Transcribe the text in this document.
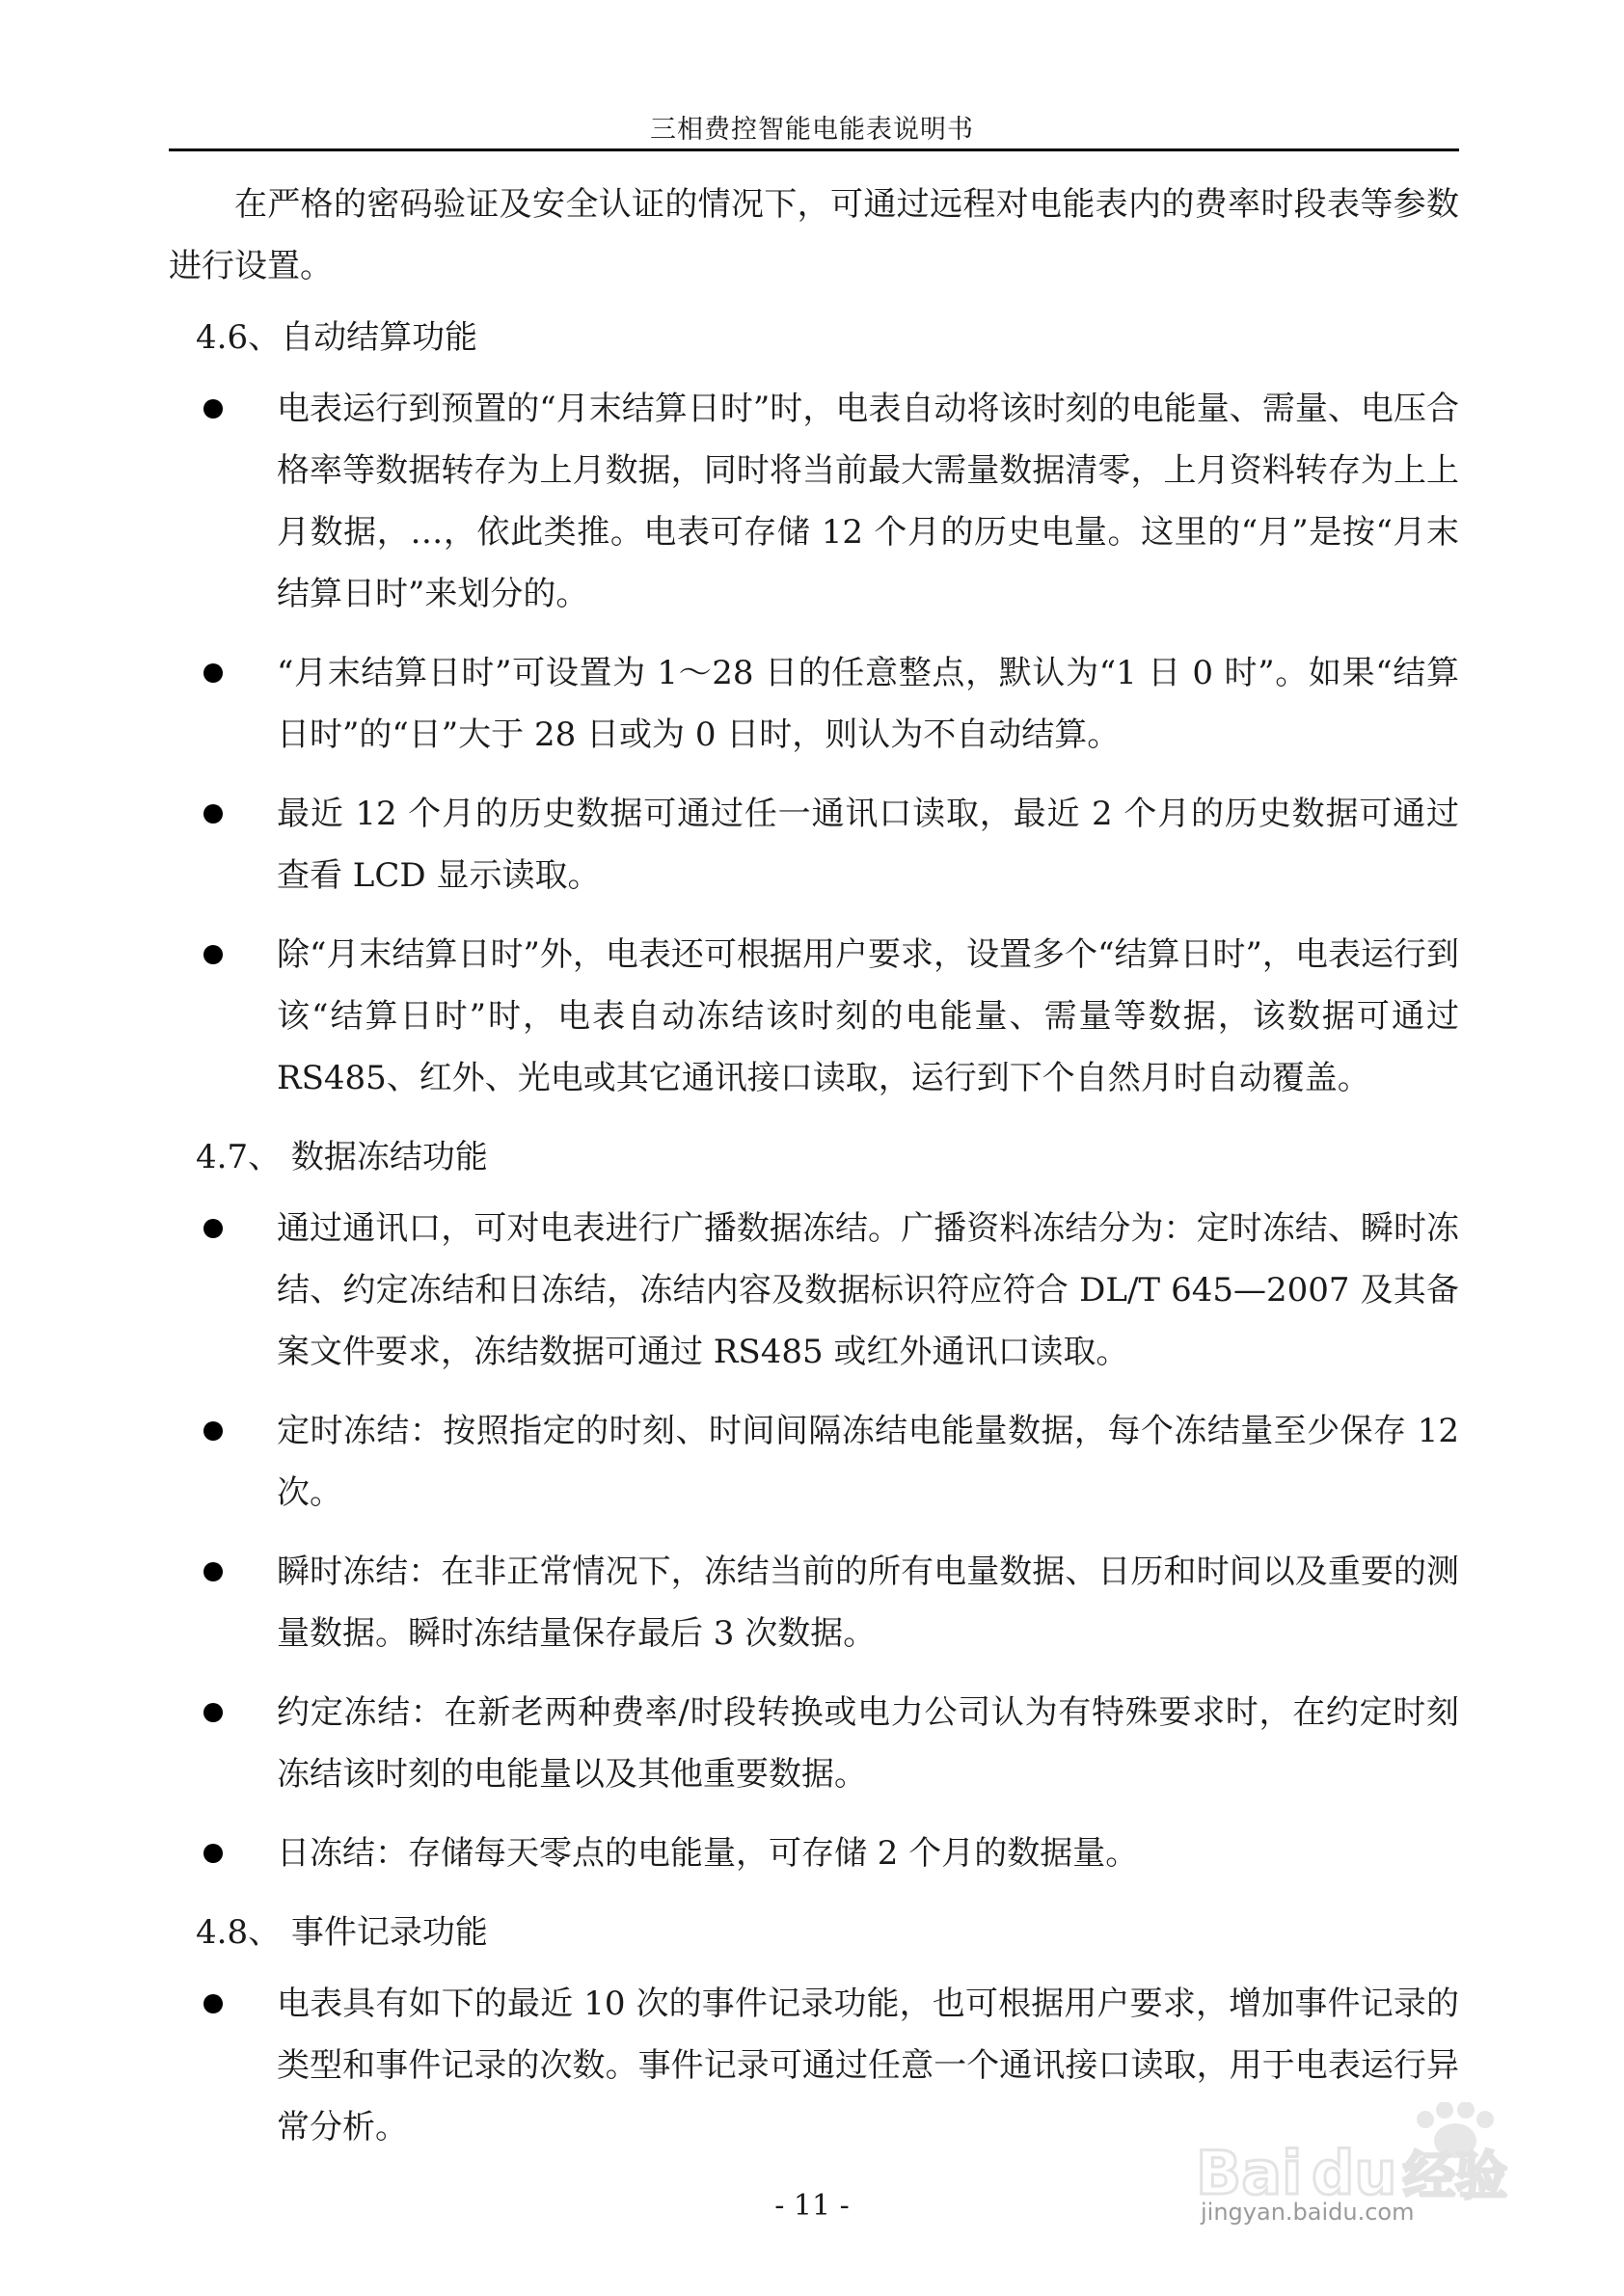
三相费控智能电能表说明书

在严格的密码验证及安全认证的情况下，可通过远程对电能表内的费率时段表等参数进行设置。

4.6、自动结算功能
电表运行到预置的“月末结算日时”时，电表自动将该时刻的电能量、需量、电压合格率等数据转存为上月数据，同时将当前最大需量数据清零，上月资料转存为上上月数据，…，依此类推。电表可存储 12 个月的历史电量。这里的“月”是按“月末结算日时”来划分的。
“月末结算日时”可设置为 1～28 日的任意整点，默认为“1 日 0 时”。如果“结算日时”的“日”大于 28 日或为 0 日时，则认为不自动结算。
最近 12 个月的历史数据可通过任一通讯口读取，最近 2 个月的历史数据可通过查看 LCD 显示读取。
除“月末结算日时”外，电表还可根据用户要求，设置多个“结算日时”，电表运行到该“结算日时”时，电表自动冻结该时刻的电能量、需量等数据，该数据可通过 RS485、红外、光电或其它通讯接口读取，运行到下个自然月时自动覆盖。
4.7、 数据冻结功能
通过通讯口，可对电表进行广播数据冻结。广播资料冻结分为：定时冻结、瞬时冻结、约定冻结和日冻结，冻结内容及数据标识符应符合 DL/T 645—2007 及其备案文件要求，冻结数据可通过 RS485 或红外通讯口读取。
定时冻结：按照指定的时刻、时间间隔冻结电能量数据，每个冻结量至少保存 12 次。
瞬时冻结：在非正常情况下，冻结当前的所有电量数据、日历和时间以及重要的测量数据。瞬时冻结量保存最后 3 次数据。
约定冻结：在新老两种费率/时段转换或电力公司认为有特殊要求时，在约定时刻冻结该时刻的电能量以及其他重要数据。
日冻结：存储每天零点的电能量，可存储 2 个月的数据量。
4.8、 事件记录功能
电表具有如下的最近 10 次的事件记录功能，也可根据用户要求，增加事件记录的类型和事件记录的次数。事件记录可通过任意一个通讯接口读取，用于电表运行异常分析。
Bai du 经验
jingyan.baidu.com
- 11 -
